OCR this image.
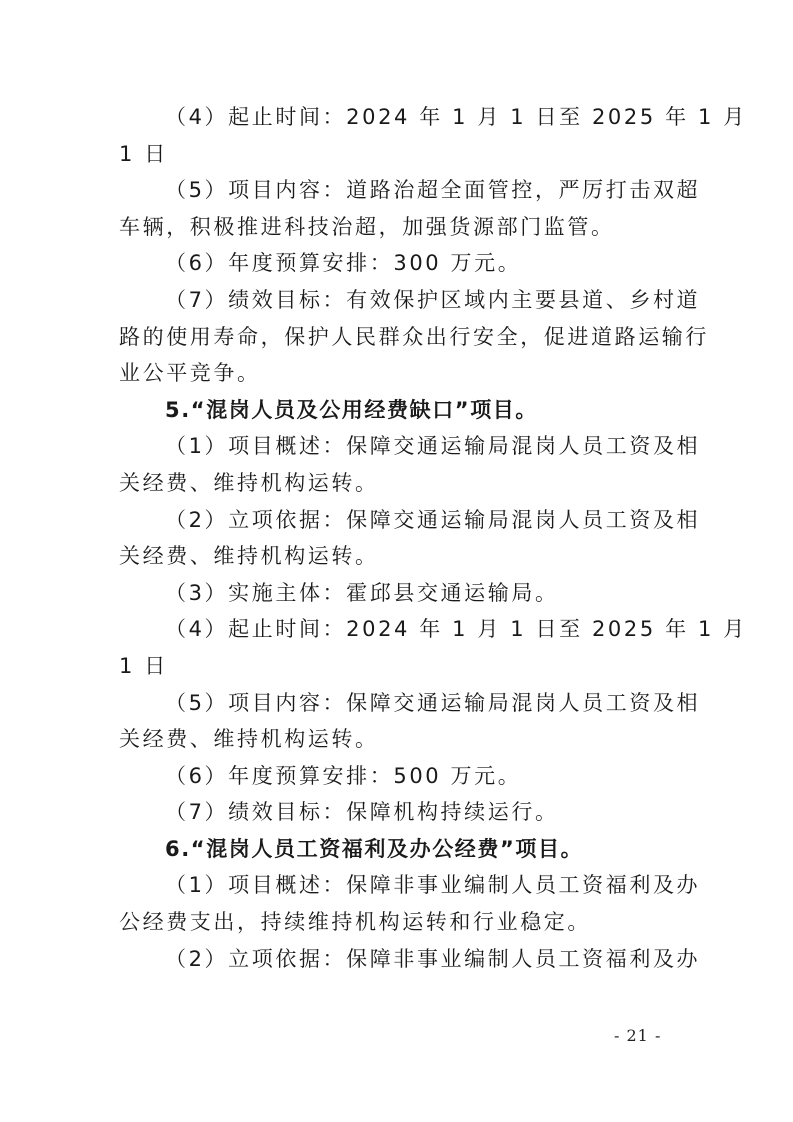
（4）起止时间：2024 年 1 月 1 日至 2025 年 1 月
1 日
（5）项目内容：道路治超全面管控，严厉打击双超
车辆，积极推进科技治超，加强货源部门监管。
（6）年度预算安排：300 万元。
（7）绩效目标：有效保护区域内主要县道、乡村道
路的使用寿命，保护人民群众出行安全，促进道路运输行
业公平竞争。
5.“混岗人员及公用经费缺口”项目。
（1）项目概述：保障交通运输局混岗人员工资及相
关经费、维持机构运转。
（2）立项依据：保障交通运输局混岗人员工资及相
关经费、维持机构运转。
（3）实施主体：霍邱县交通运输局。
（4）起止时间：2024 年 1 月 1 日至 2025 年 1 月
1 日
（5）项目内容：保障交通运输局混岗人员工资及相
关经费、维持机构运转。
（6）年度预算安排：500 万元。
（7）绩效目标：保障机构持续运行。
6.“混岗人员工资福利及办公经费”项目。
（1）项目概述：保障非事业编制人员工资福利及办
公经费支出，持续维持机构运转和行业稳定。
（2）立项依据：保障非事业编制人员工资福利及办
- 21 -
